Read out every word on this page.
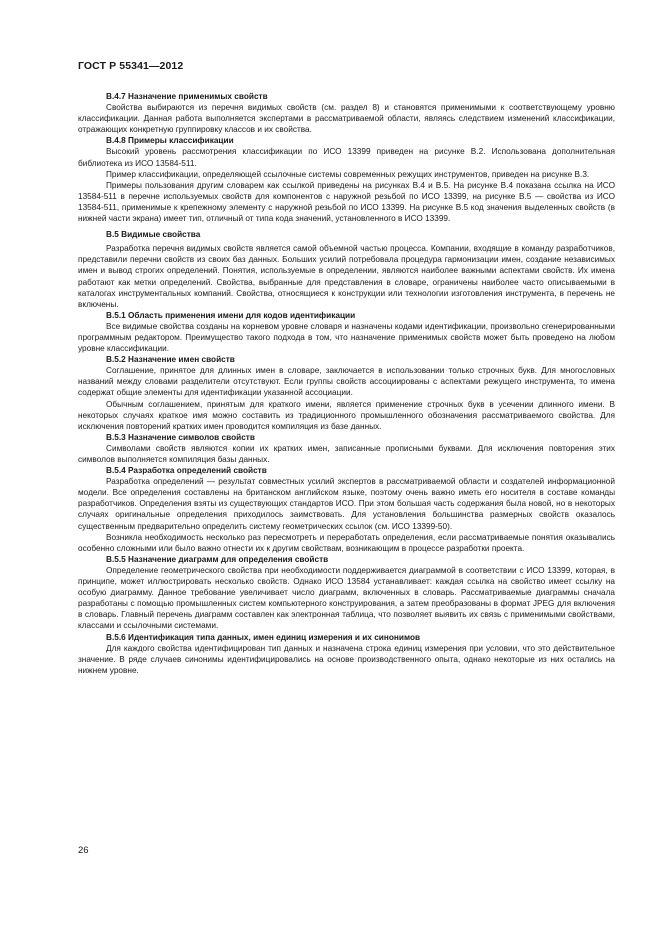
ГОСТ Р 55341—2012
В.4.7 Назначение применимых свойств
Свойства выбираются из перечня видимых свойств (см. раздел 8) и становятся применимыми к соответствующему уровню классификации. Данная работа выполняется экспертами в рассматриваемой области, являясь следствием изменений классификации, отражающих конкретную группировку классов и их свойства.
В.4.8 Примеры классификации
Высокий уровень рассмотрения классификации по ИСО 13399 приведен на рисунке В.2. Использована дополнительная библиотека из ИСО 13584-511.
Пример классификации, определяющей ссылочные системы современных режущих инструментов, приведен на рисунке В.3.
Примеры пользования другим словарем как ссылкой приведены на рисунках В.4 и В.5. На рисунке В.4 показана ссылка на ИСО 13584-511 в перечне используемых свойств для компонентов с наружной резьбой по ИСО 13399, на рисунке В.5 — свойства из ИСО 13584-511, применимые к крепежному элементу с наружной резьбой по ИСО 13399. На рисунке В.5 код значения выделенных свойств (в нижней части экрана) имеет тип, отличный от типа кода значений, установленного в ИСО 13399.
В.5 Видимые свойства
Разработка перечня видимых свойств является самой объемной частью процесса. Компании, входящие в команду разработчиков, представили перечни свойств из своих баз данных. Больших усилий потребовала процедура гармонизации имен, создание независимых имен и вывод строгих определений. Понятия, используемые в определении, являются наиболее важными аспектами свойств. Их имена работают как метки определений. Свойства, выбранные для представления в словаре, ограничены наиболее часто описываемыми в каталогах инструментальных компаний. Свойства, относящиеся к конструкции или технологии изготовления инструмента, в перечень не включены.
В.5.1 Область применения имени для кодов идентификации
Все видимые свойства созданы на корневом уровне словаря и назначены кодами идентификации, произвольно сгенерированными программным редактором. Преимущество такого подхода в том, что назначение применимых свойств может быть проведено на любом уровне классификации.
В.5.2 Назначение имен свойств
Соглашение, принятое для длинных имен в словаре, заключается в использовании только строчных букв. Для многословных названий между словами разделители отсутствуют. Если группы свойств ассоциированы с аспектами режущего инструмента, то имена содержат общие элементы для идентификации указанной ассоциации.
Обычным соглашением, принятым для краткого имени, является применение строчных букв в усечении длинного имени. В некоторых случаях краткое имя можно составить из традиционного промышленного обозначения рассматриваемого свойства. Для исключения повторений кратких имен проводится компиляция из базе данных.
В.5.3 Назначение символов свойств
Символами свойств являются копии их кратких имен, записанные прописными буквами. Для исключения повторения этих символов выполняется компиляция базы данных.
В.5.4 Разработка определений свойств
Разработка определений — результат совместных усилий экспертов в рассматриваемой области и создателей информационной модели. Все определения составлены на британском английском языке, поэтому очень важно иметь его носителя в составе команды разработчиков. Определения взяты из существующих стандартов ИСО. При этом большая часть содержания была новой, но в некоторых случаях оригинальные определения приходилось заимствовать. Для установления большинства размерных свойств оказалось существенным предварительно определить систему геометрических ссылок (см. ИСО 13399-50).
Возникла необходимость несколько раз пересмотреть и переработать определения, если рассматриваемые понятия оказывались особенно сложными или было важно отнести их к другим свойствам, возникающим в процессе разработки проекта.
В.5.5 Назначение диаграмм для определения свойств
Определение геометрического свойства при необходимости поддерживается диаграммой в соответствии с ИСО 13399, которая, в принципе, может иллюстрировать несколько свойств. Однако ИСО 13584 устанавливает: каждая ссылка на свойство имеет ссылку на особую диаграмму. Данное требование увеличивает число диаграмм, включенных в словарь. Рассматриваемые диаграммы сначала разработаны с помощью промышленных систем компьютерного конструирования, а затем преобразованы в формат JPEG для включения в словарь. Главный перечень диаграмм составлен как электронная таблица, что позволяет выявить их связь с применимыми свойствами, классами и ссылочными системами.
В.5.6 Идентификация типа данных, имен единиц измерения и их синонимов
Для каждого свойства идентифицирован тип данных и назначена строка единиц измерения при условии, что это действительное значение. В ряде случаев синонимы идентифицировались на основе производственного опыта, однако некоторые из них остались на нижнем уровне.
26
